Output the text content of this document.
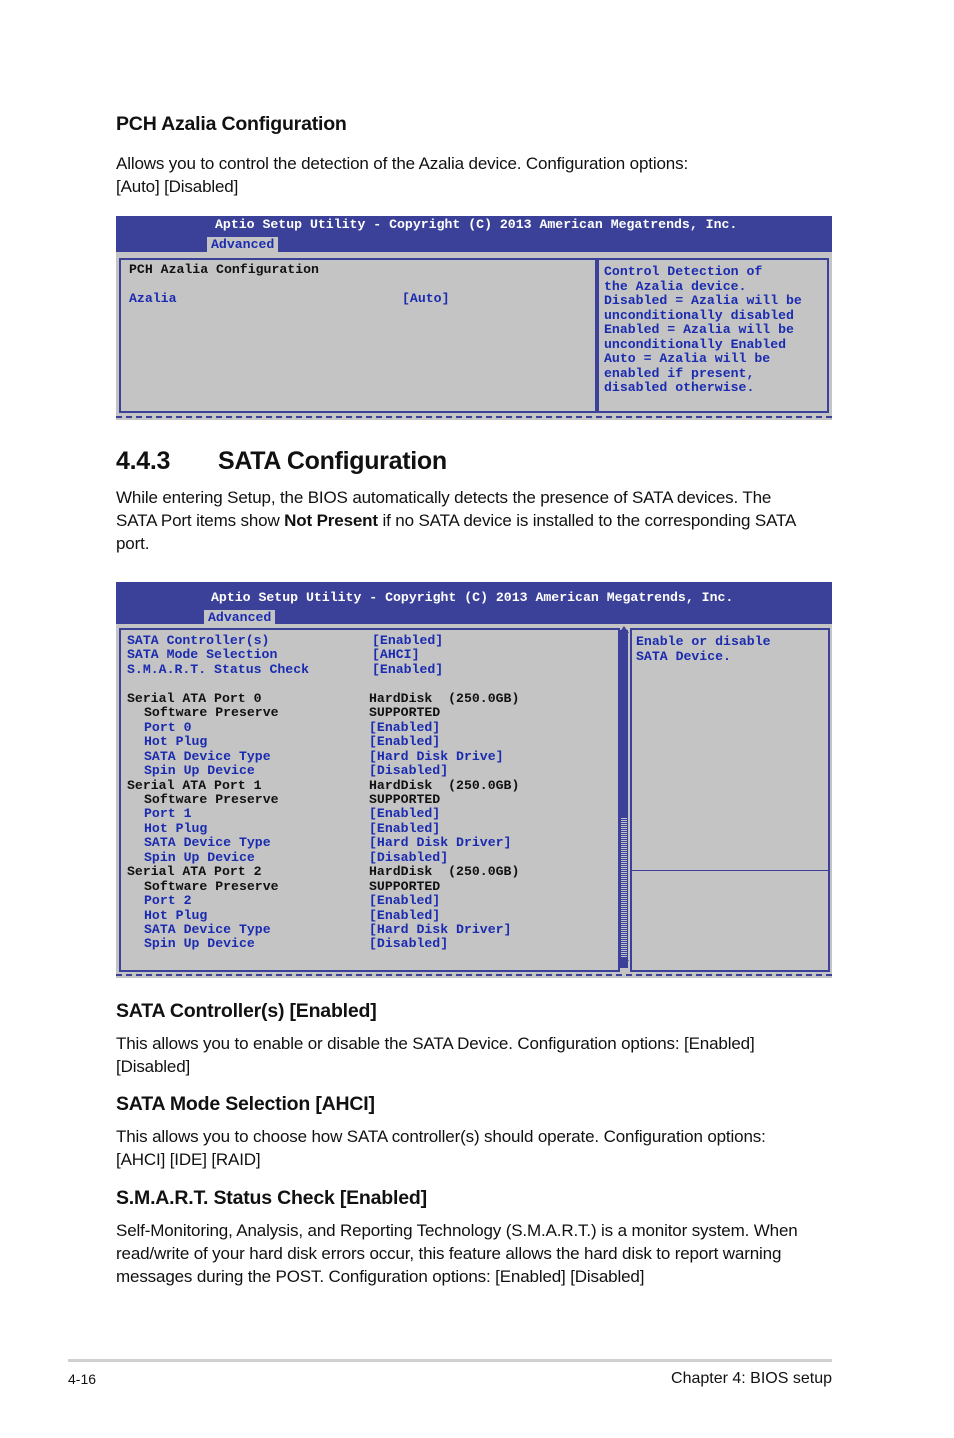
PCH Azalia Configuration
Allows you to control the detection of the Azalia device. Configuration options:
[Auto] [Disabled]
Aptio Setup Utility - Copyright (C) 2013 American Megatrends, Inc.
Advanced
PCH Azalia Configuration
Azalia	[Auto]
Control Detection of
the Azalia device.
Disabled = Azalia will be
unconditionally disabled
Enabled = Azalia will be
unconditionally Enabled
Auto = Azalia will be
enabled if present,
disabled otherwise.
4.4.3 SATA Configuration
While entering Setup, the BIOS automatically detects the presence of SATA devices. The
SATA Port items show Not Present if no SATA device is installed to the corresponding SATA
port.
Aptio Setup Utility - Copyright (C) 2013 American Megatrends, Inc.
Advanced
SATA Controller(s)	[Enabled]
SATA Mode Selection	[AHCI]
S.M.A.R.T. Status Check	[Enabled]
Serial ATA Port 0	HardDisk  (250.0GB)
Software Preserve	SUPPORTED
Port 0	[Enabled]
Hot Plug	[Enabled]
SATA Device Type	[Hard Disk Drive]
Spin Up Device	[Disabled]
Serial ATA Port 1	HardDisk  (250.0GB)
Software Preserve	SUPPORTED
Port 1	[Enabled]
Hot Plug	[Enabled]
SATA Device Type	[Hard Disk Driver]
Spin Up Device	[Disabled]
Serial ATA Port 2	HardDisk  (250.0GB)
Software Preserve	SUPPORTED
Port 2	[Enabled]
Hot Plug	[Enabled]
SATA Device Type	[Hard Disk Driver]
Spin Up Device	[Disabled]
Enable or disable
SATA Device.
SATA Controller(s) [Enabled]
This allows you to enable or disable the SATA Device. Configuration options: [Enabled]
[Disabled]
SATA Mode Selection [AHCI]
This allows you to choose how SATA controller(s) should operate. Configuration options:
[AHCI] [IDE] [RAID]
S.M.A.R.T. Status Check [Enabled]
Self-Monitoring, Analysis, and Reporting Technology (S.M.A.R.T.) is a monitor system. When
read/write of your hard disk errors occur, this feature allows the hard disk to report warning
messages during the POST. Configuration options: [Enabled] [Disabled]
4-16	Chapter 4: BIOS setup
